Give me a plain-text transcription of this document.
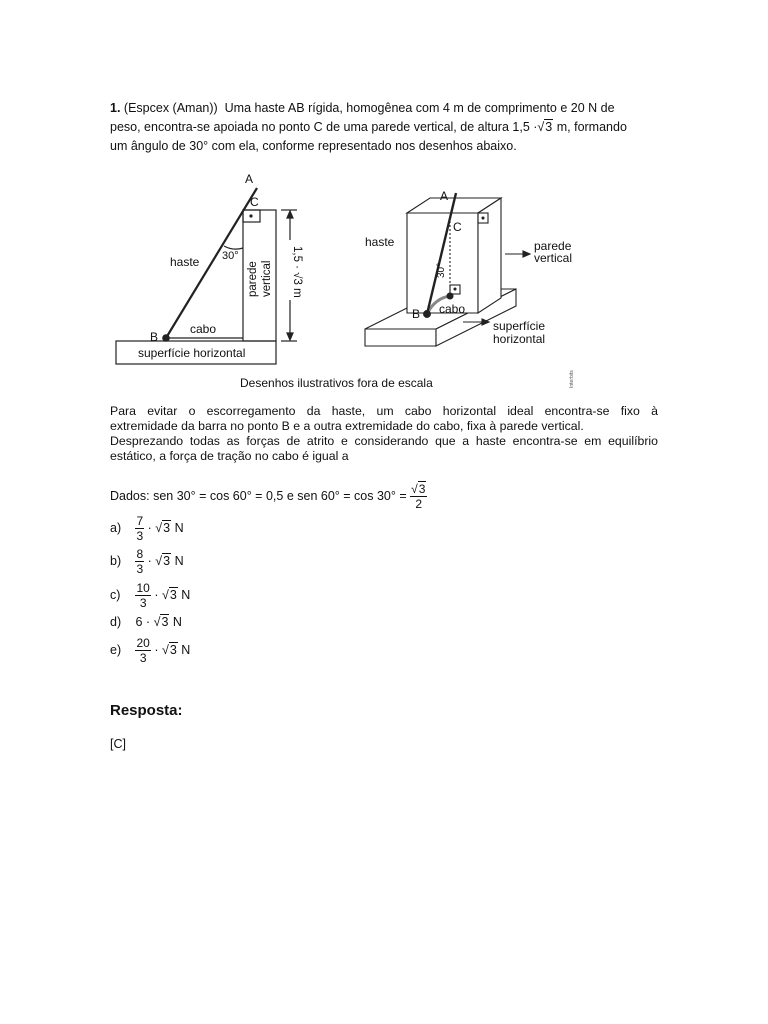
1. (Espcex (Aman)) Uma haste AB rígida, homogênea com 4 m de comprimento e 20 N de
peso, encontra-se apoiada no ponto C de uma parede vertical, de altura 1,5 ·√3 m, formando
um ângulo de 30° com ela, conforme representado nos desenhos abaixo.
A
C
B
haste 30°
cabo
superfície horizontal
parede vertical 1,5 · √3 m
A
C
B
haste
30°
cabo
parede
vertical
superfície
horizontal
Desenhos ilustrativos fora de escala	Interbits
Para evitar o escorregamento da haste, um cabo horizontal ideal encontra-se fixo à
extremidade da barra no ponto B e a outra extremidade do cabo, fixa à parede vertical.
Desprezando todas as forças de atrito e considerando que a haste encontra-se em equilíbrio
estático, a força de tração no cabo é igual a
Dados: sen 30° = cos 60° = 0,5 e sen $60^\circ = \cos 30^\circ = \frac{√3}{2}$
$a) \frac{7}{3} \cdot √3$ N
$b) \frac{8}{3} \cdot √3$ N
$c) \frac{10}{3} \cdot √3$ N
d) 6 · √3 N
$e) \frac{20}{3} \cdot √3$ N
Resposta:
[C]
